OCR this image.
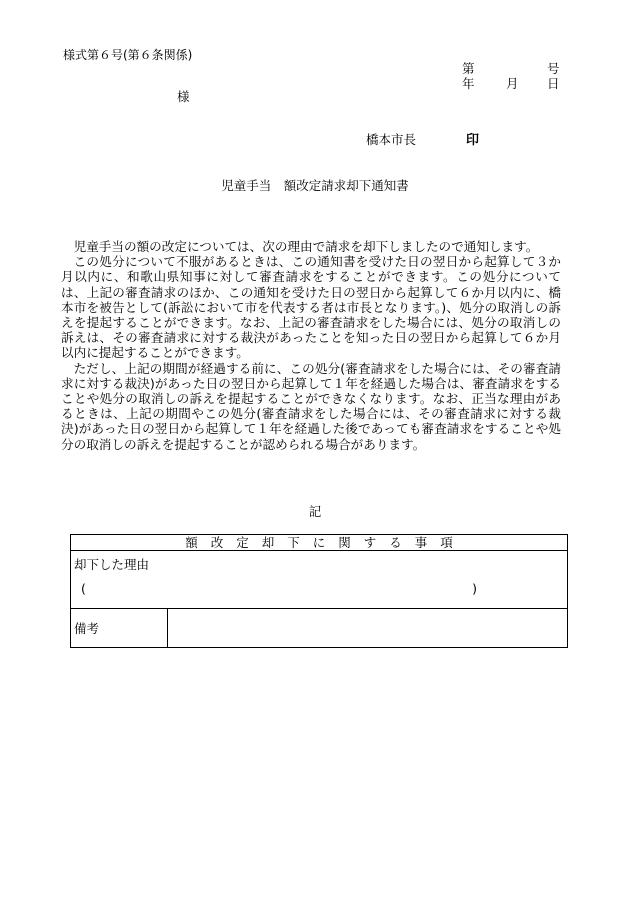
様式第６号(第６条関係)
第	号
年	月 日
様
橋本市長	印
児童手当　額改定請求却下通知書

児童手当の額の改定については、次の理由で請求を却下しましたので通知します。

この処分について不服があるときは、この通知書を受けた日の翌日から起算して３か月以内に、和歌山県知事に対して審査請求をすることができます。この処分については、上記の審査請求のほか、この通知を受けた日の翌日から起算して６か月以内に、橋本市を被告として(訴訟において市を代表する者は市長となります。)、処分の取消しの訴えを提起することができます。なお、上記の審査請求をした場合には、処分の取消しの訴えは、その審査請求に対する裁決があったことを知った日の翌日から起算して６か月以内に提起することができます。

ただし、上記の期間が経過する前に、この処分(審査請求をした場合には、その審査請求に対する裁決)があった日の翌日から起算して１年を経過した場合は、審査請求をすることや処分の取消しの訴えを提起することができなくなります。なお、正当な理由があるときは、上記の期間やこの処分(審査請求をした場合には、その審査請求に対する裁決)があった日の翌日から起算して１年を経過した後であっても審査請求をすることや処分の取消しの訴えを提起することが認められる場合があります。

記
額改定却下に関する事項

却下した理由
(	)

備考	
